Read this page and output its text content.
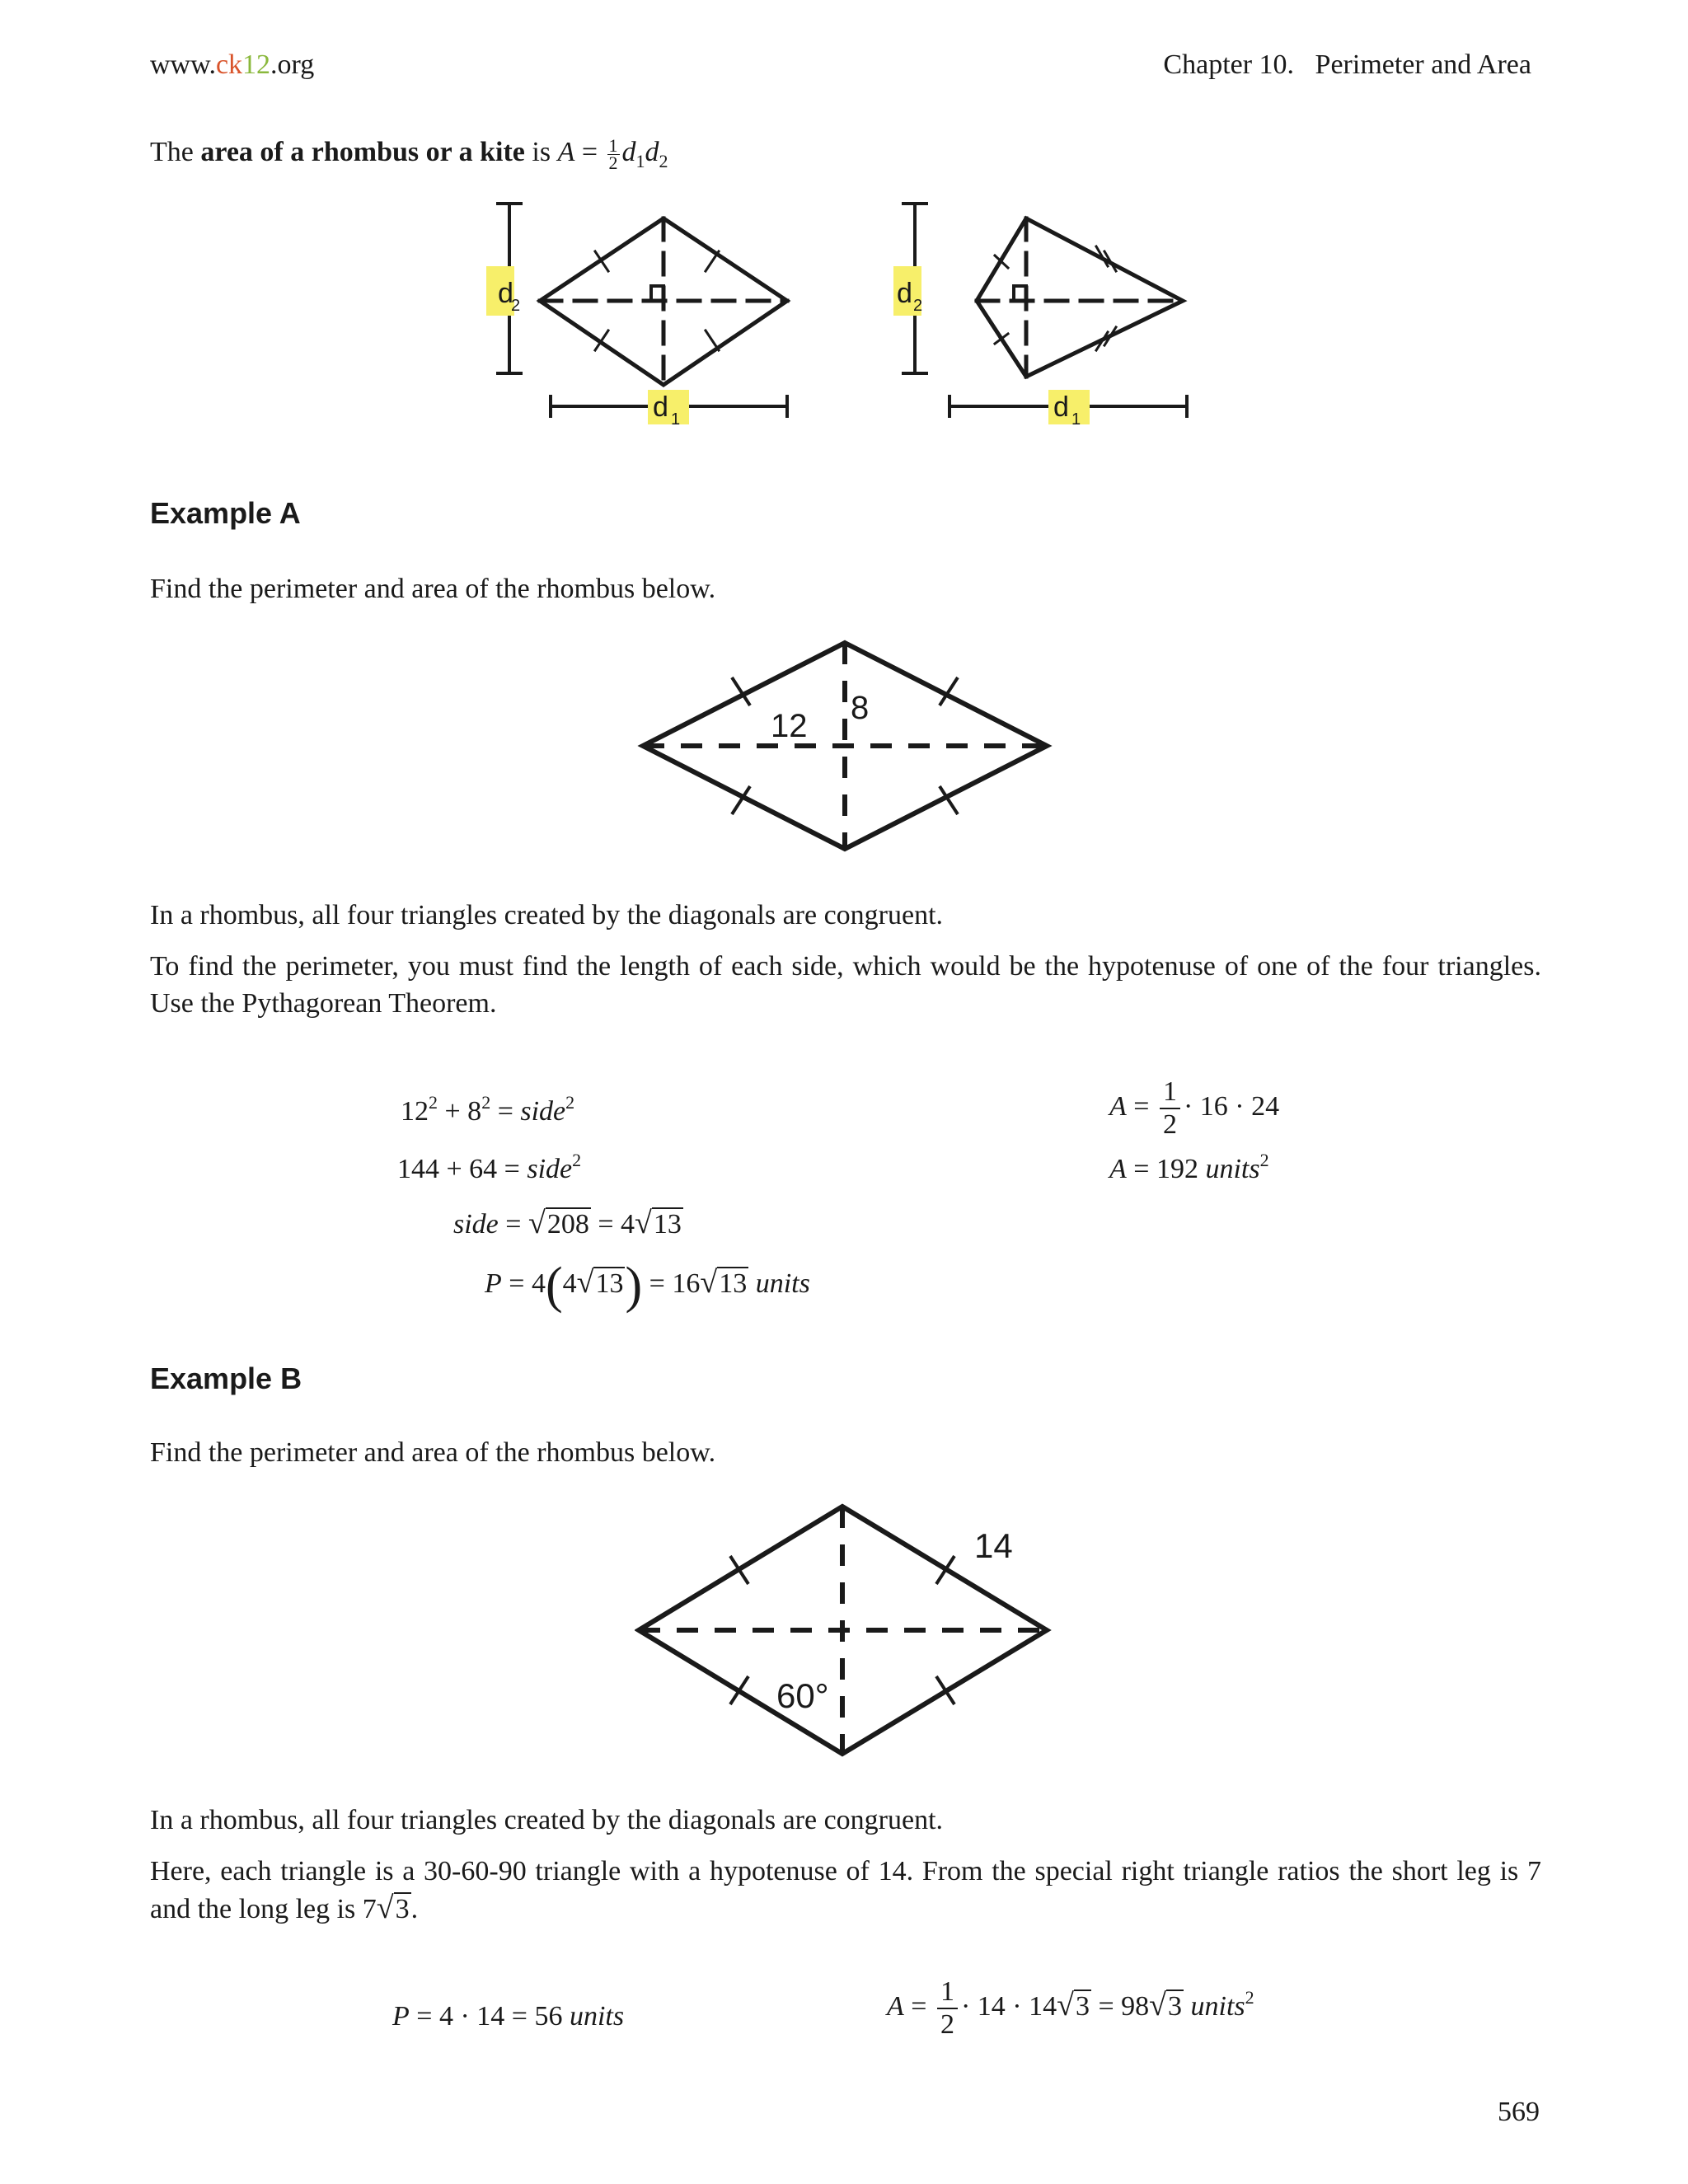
www.ck12.org	Chapter 10.   Perimeter and Area
The area of a rhombus or a kite is $A = \frac{1}{2} d_1d_2$
d
2
d 1
d 2
d 1
Example A
Find the perimeter and area of the rhombus below.
12 8
In a rhombus, all four triangles created by the diagonals are congruent.
To find the perimeter, you must find the length of each side, which would be the hypotenuse of one of the four triangles. Use the Pythagorean Theorem.
$12^2 + 8^2$ = side$^2$
144 + 64 = side$^2$
side = √208 = 4√13
P = 4(4√13) = 16√13 units
$A = \frac{1}{2} \cdot 16 \cdot 24$
A = 192 units$^2$
Example B
Find the perimeter and area of the rhombus below.
14
60°
In a rhombus, all four triangles created by the diagonals are congruent.
Here, each triangle is a 30-60-90 triangle with a hypotenuse of 14. From the special right triangle ratios the short leg is 7 and the long leg is 7√3.
P = 4 · 14 = 56 units	$A = \frac{1}{2} \cdot 14 \cdot 14√3 = 98√3$ units$^2$
569
